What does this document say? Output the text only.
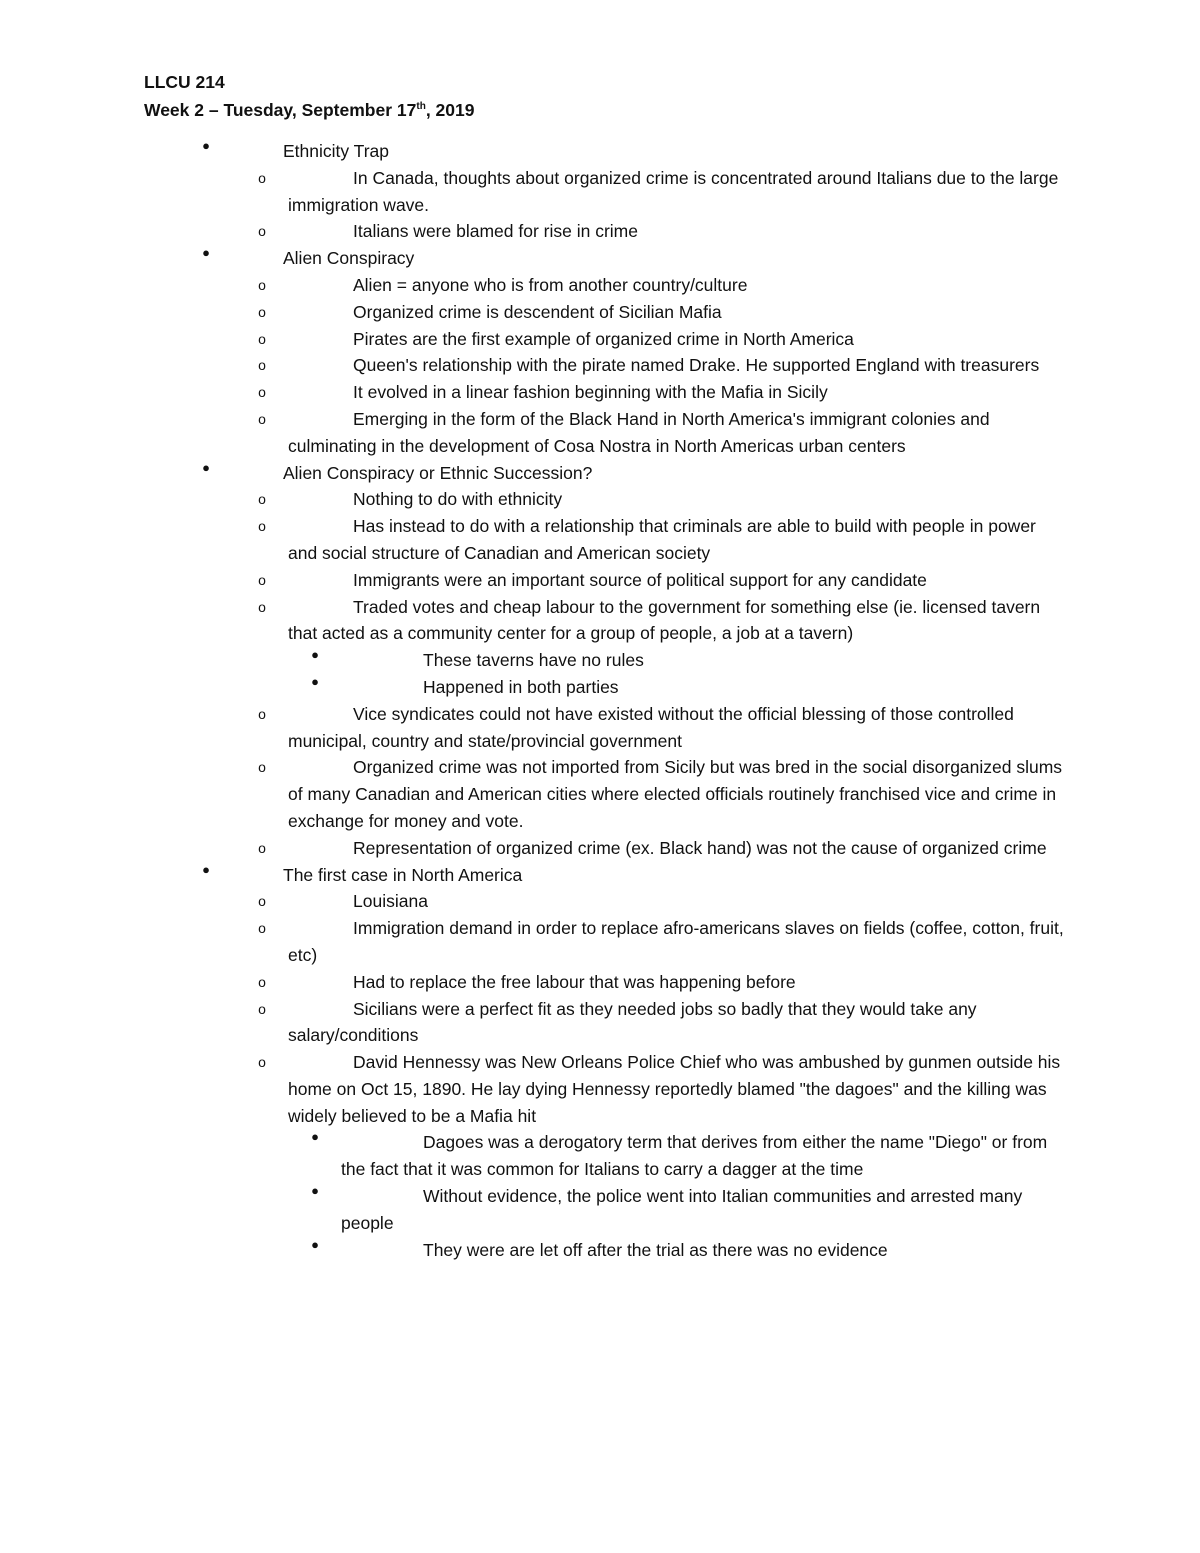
LLCU 214
Week 2 – Tuesday, September 17th, 2019
●	Ethnicity Trap
o	In Canada, thoughts about organized crime is concentrated around Italians due to the large immigration wave.
o	Italians were blamed for rise in crime
●	Alien Conspiracy
o	Alien = anyone who is from another country/culture
o	Organized crime is descendent of Sicilian Mafia
o	Pirates are the first example of organized crime in North America
o	Queen's relationship with the pirate named Drake. He supported England with treasurers
o	It evolved in a linear fashion beginning with the Mafia in Sicily
o	Emerging in the form of the Black Hand in North America's immigrant colonies and culminating in the development of Cosa Nostra in North Americas urban centers
●	Alien Conspiracy or Ethnic Succession?
o	Nothing to do with ethnicity
o	Has instead to do with a relationship that criminals are able to build with people in power and social structure of Canadian and American society
o	Immigrants were an important source of political support for any candidate
o	Traded votes and cheap labour to the government for something else (ie. licensed tavern that acted as a community center for a group of people, a job at a tavern)
●	These taverns have no rules
●	Happened in both parties
o	Vice syndicates could not have existed without the official blessing of those controlled municipal, country and state/provincial government
o	Organized crime was not imported from Sicily but was bred in the social disorganized slums of many Canadian and American cities where elected officials routinely franchised vice and crime in exchange for money and vote.
o	Representation of organized crime (ex. Black hand) was not the cause of organized crime
●	The first case in North America
o	Louisiana
o	Immigration demand in order to replace afro-americans slaves on fields (coffee, cotton, fruit, etc)
o	Had to replace the free labour that was happening before
o	Sicilians were a perfect fit as they needed jobs so badly that they would take any salary/conditions
o	David Hennessy was New Orleans Police Chief who was ambushed by gunmen outside his home on Oct 15, 1890. He lay dying Hennessy reportedly blamed "the dagoes" and the killing was widely believed to be a Mafia hit
●	Dagoes was a derogatory term that derives from either the name "Diego" or from the fact that it was common for Italians to carry a dagger at the time
●	Without evidence, the police went into Italian communities and arrested many people
●	They were are let off after the trial as there was no evidence
